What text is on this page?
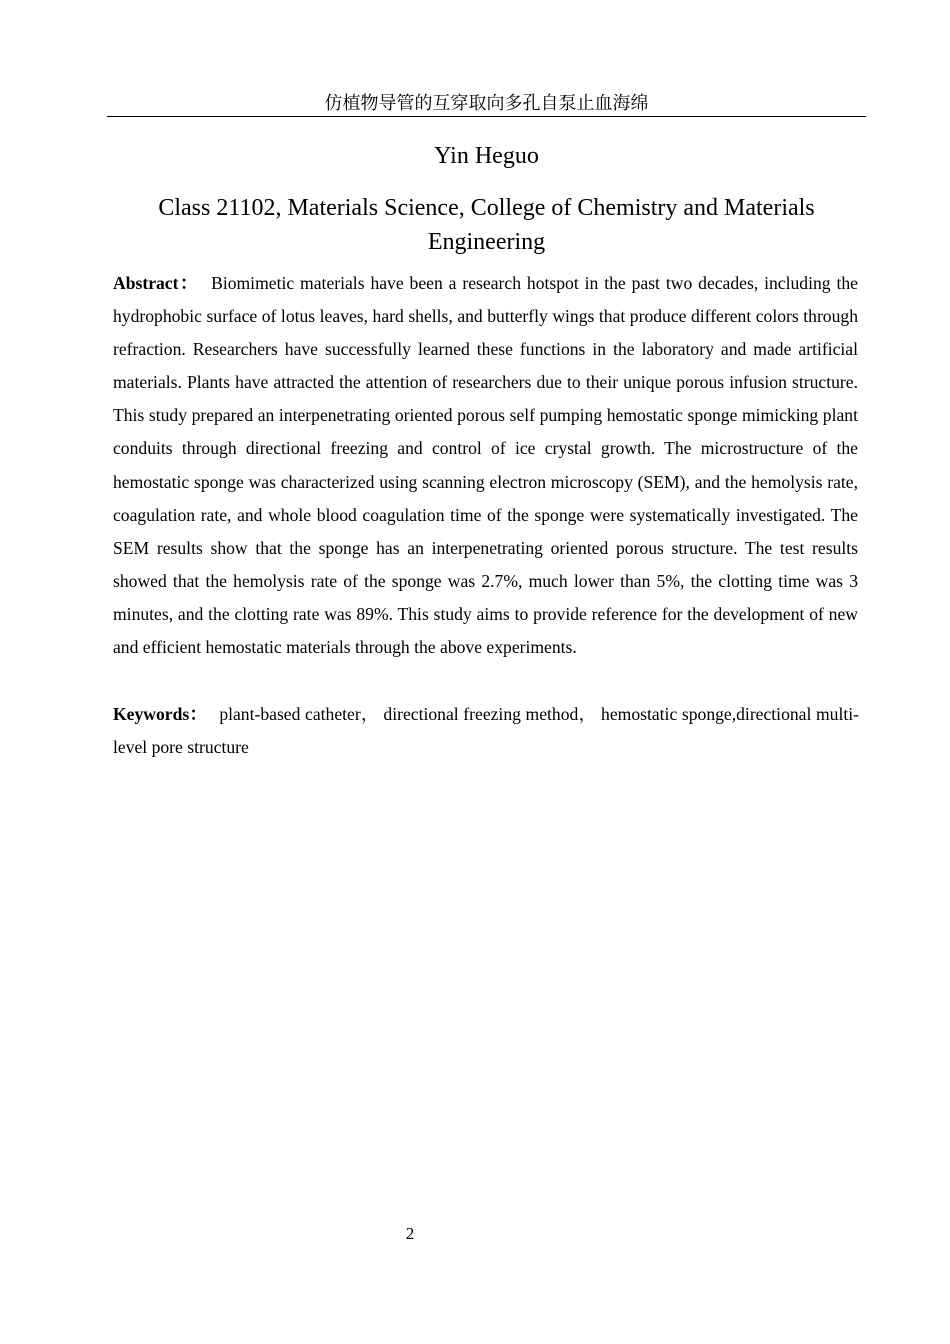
仿植物导管的互穿取向多孔自泵止血海绵
Yin Heguo
Class 21102, Materials Science, College of Chemistry and Materials Engineering

Abstract： Biomimetic materials have been a research hotspot in the past two decades, including the hydrophobic surface of lotus leaves, hard shells, and butterfly wings that produce different colors through refraction. Researchers have successfully learned these functions in the laboratory and made artificial materials. Plants have attracted the attention of researchers due to their unique porous infusion structure. This study prepared an interpenetrating oriented porous self pumping hemostatic sponge mimicking plant conduits through directional freezing and control of ice crystal growth. The microstructure of the hemostatic sponge was characterized using scanning electron microscopy (SEM), and the hemolysis rate, coagulation rate, and whole blood coagulation time of the sponge were systematically investigated. The SEM results show that the sponge has an interpenetrating oriented porous structure. The test results showed that the hemolysis rate of the sponge was 2.7%, much lower than 5%, the clotting time was 3 minutes, and the clotting rate was 89%. This study aims to provide reference for the development of new and efficient hemostatic materials through the above experiments.

Keywords： plant-based catheter， directional freezing method， hemostatic sponge,directional multi-level pore structure

2
